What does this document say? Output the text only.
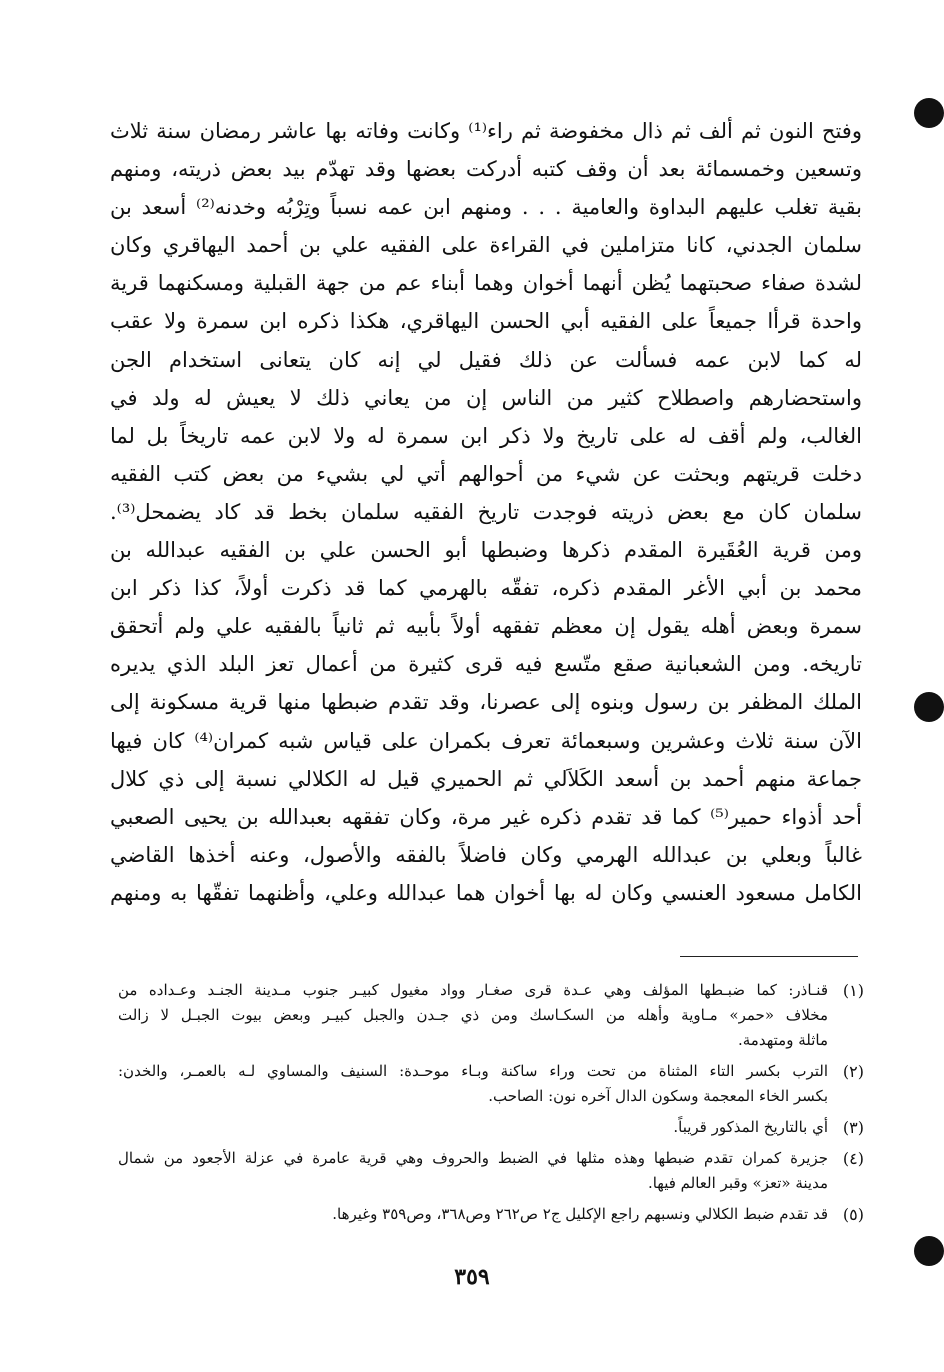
وفتح النون ثم ألف ثم ذال مخفوضة ثم راء⁽¹⁾ وكانت وفاته بها عاشر رمضان سنة ثلاث
وتسعين وخمسمائة بعد أن وقف كتبه أدركت بعضها وقد تهدّم بيد بعض ذريته، ومنهم
بقية تغلب عليهم البداوة والعامية . . . ومنهم ابن عمه نسباً وتِرْبُه وخدنه⁽²⁾ أسعد بن
سلمان الجدني، كانا متزاملين في القراءة على الفقيه علي بن أحمد اليهاقري وكان
لشدة صفاء صحبتهما يُظن أنهما أخوان وهما أبناء عم من جهة القبلية ومسكنهما قرية
واحدة قرأا جميعاً على الفقيه أبي الحسن اليهاقري، هكذا ذكره ابن سمرة ولا عقب
له كما لابن عمه فسألت عن ذلك فقيل لي إنه كان يتعانى استخدام الجن
واستحضارهم واصطلاح كثير من الناس إن من يعاني ذلك لا يعيش له ولد في
الغالب، ولم أقف له على تاريخ ولا ذكر ابن سمرة له ولا لابن عمه تاريخاً بل لما
دخلت قريتهم وبحثت عن شيء من أحوالهم أتي لي بشيء من بعض كتب الفقيه
سلمان كان مع بعض ذريته فوجدت تاريخ الفقيه سلمان بخط قد كاد يضمحل⁽³⁾.
ومن قرية العُقَيرة المقدم ذكرها وضبطها أبو الحسن علي بن الفقيه عبدالله بن
محمد بن أبي الأغر المقدم ذكره، تفقّه بالهرمي كما قد ذكرت أولاً، كذا ذكر ابن
سمرة وبعض أهله يقول إن معظم تفقهه أولاً بأبيه ثم ثانياً بالفقيه علي ولم أتحقق
تاريخه. ومن الشعبانية صقع متّسع فيه قرى كثيرة من أعمال تعز البلد الذي يديره
الملك المظفر بن رسول وبنوه إلى عصرنا، وقد تقدم ضبطها منها قرية مسكونة إلى
الآن سنة ثلاث وعشرين وسبعمائة تعرف بكمران على قياس شبه كمران⁽⁴⁾ كان فيها
جماعة منهم أحمد بن أسعد الكَلاَلي ثم الحميري قيل له الكلالي نسبة إلى ذي كلال
أحد أذواء حمير⁽⁵⁾ كما قد تقدم ذكره غير مرة، وكان تفقهه بعبدالله بن يحيى الصعبي
غالباً وبعلي بن عبدالله الهرمي وكان فاضلاً بالفقه والأصول، وعنه أخذها القاضي
الكامل مسعود العنسي وكان له بها أخوان هما عبدالله وعلي، وأظنهما تفقّها به ومنهم
(١)
قنـاذر: كما ضبـطها المؤلف وهي عـدة قرى صغـار وواد مغيول كبيـر جنوب مـدينة الجنـد وعـداده من
مخلاف «حمر» مـاوية وأهله من السكـاسك ومن ذي جـدن والجبل كبيـر وبعض بيوت الجبـل لا زالت
ماثلة ومتهدمة.
(٢)
الترب بكسر التاء المثناة من تحت وراء ساكنة وبـاء موحـدة: السنيف والمساوي لـه بالعمـر، والخدن:
بكسر الخاء المعجمة وسكون الدال آخره نون: الصاحب.
(٣)
أي بالتاريخ المذكور قريباً.
(٤)
جزيرة كمران تقدم ضبطها وهذه مثلها في الضبط والحروف وهي قرية عامرة في عزلة الأجعود من شمال
مدينة «تعز» وقبر العالم فيها.
(٥)
قد تقدم ضبط الكلالي ونسبهم راجع الإكليل ج٢ ص٢٦٢ وص٣٦٨، وص٣٥٩ وغيرها.
٣٥٩
